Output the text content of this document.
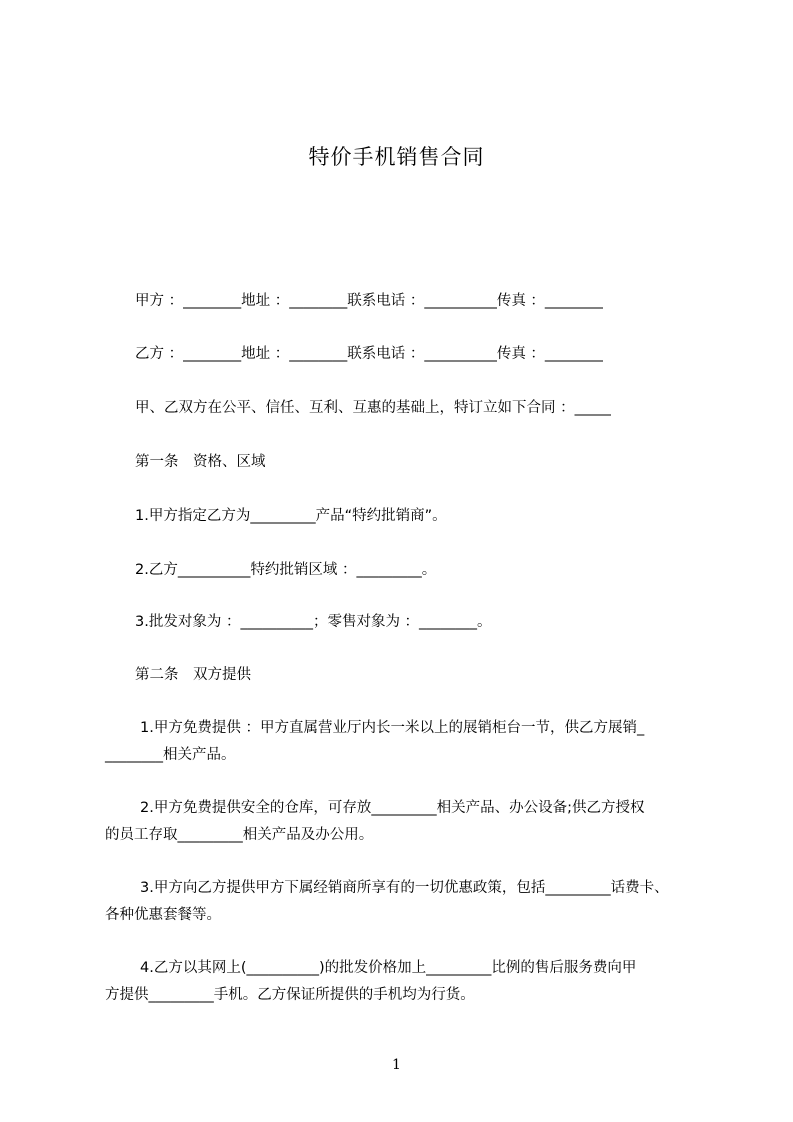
特价手机销售合同
甲方 ：________地址 ：________联系电话 ：__________传真 ：________
乙方 ：________地址 ：________联系电话 ：__________传真 ：________
甲、乙双方在公平、信任、互利、互惠的基础上，特订立如下合同 ：_____
第一条　资格、区域
1.甲方指定乙方为_________产品“特约批销商”。
2.乙方__________特约批销区域 ：_________。
3.批发对象为 ：__________；零售对象为 ：________。
第二条　双方提供
1.甲方免费提供 ：甲方直属营业厅内长一米以上的展销柜台一节，供乙方展销_
________相关产品。
2.甲方免费提供安全的仓库，可存放_________相关产品、办公设备;供乙方授权
的员工存取_________相关产品及办公用。
3.甲方向乙方提供甲方下属经销商所享有的一切优惠政策，包括_________话费卡、
各种优惠套餐等。
4.乙方以其网上(__________)的批发价格加上_________比例的售后服务费向甲
方提供_________手机。乙方保证所提供的手机均为行货。
1
